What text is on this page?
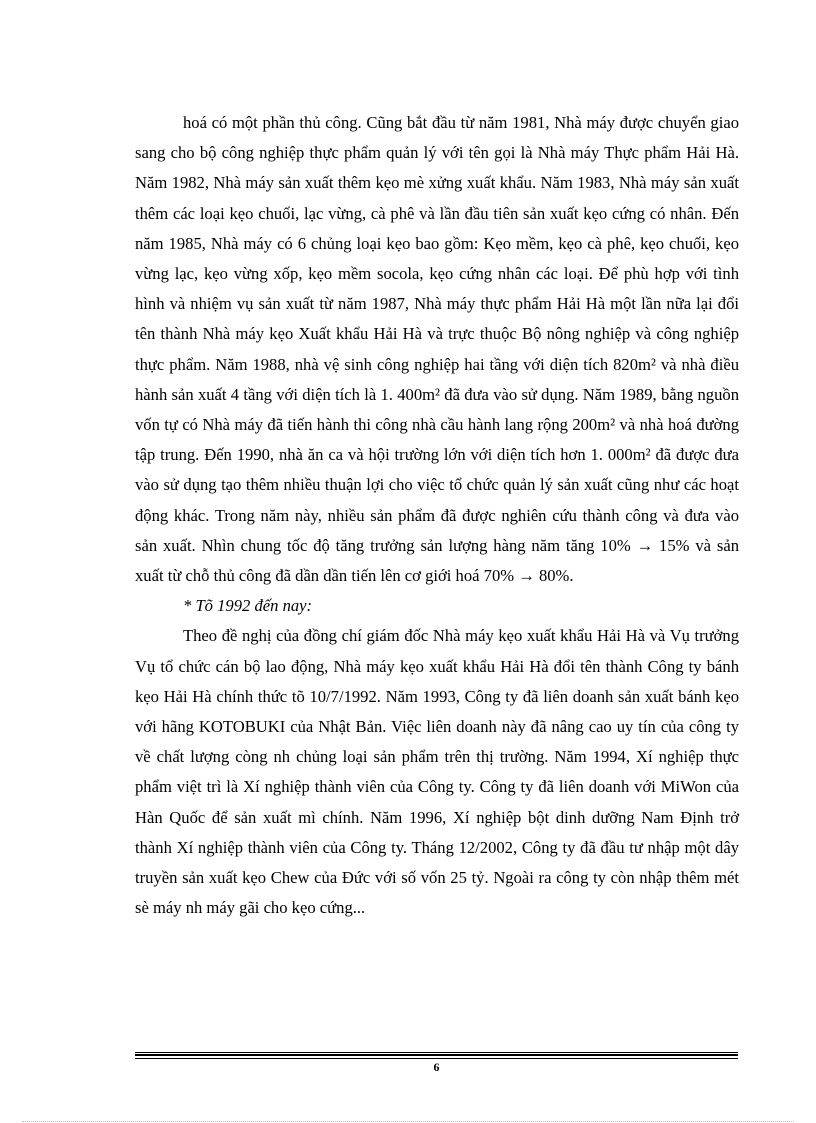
hoá có một phần thủ công. Cũng bắt đầu từ năm 1981, Nhà máy được chuyển giao sang cho bộ công nghiệp thực phẩm quản lý với tên gọi là Nhà máy Thực phẩm Hải Hà. Năm 1982, Nhà máy sản xuất thêm kẹo mè xửng xuất khẩu. Năm 1983, Nhà máy sản xuất thêm các loại kẹo chuối, lạc vừng, cà phê và lần đầu tiên sản xuất kẹo cứng có nhân. Đến năm 1985, Nhà máy có 6 chủng loại kẹo bao gồm: Kẹo mềm, kẹo cà phê, kẹo chuối, kẹo vừng lạc, kẹo vừng xốp, kẹo mềm socola, kẹo cứng nhân các loại. Để phù hợp với tình hình và nhiệm vụ sản xuất từ năm 1987, Nhà máy thực phẩm Hải Hà một lần nữa lại đổi tên thành Nhà máy kẹo Xuất khẩu Hải Hà và trực thuộc Bộ nông nghiệp và công nghiệp thực phẩm. Năm 1988, nhà vệ sinh công nghiệp hai tầng với diện tích 820m² và nhà điều hành sản xuất 4 tầng với diện tích là 1. 400m² đã đưa vào sử dụng. Năm 1989, bằng nguồn vốn tự có Nhà máy đã tiến hành thi công nhà cầu hành lang rộng 200m² và nhà hoá đường tập trung. Đến 1990, nhà ăn ca và hội trường lớn với diện tích hơn 1. 000m² đã được đưa vào sử dụng tạo thêm nhiều thuận lợi cho việc tổ chức quản lý sản xuất cũng như các hoạt động khác. Trong năm này, nhiều sản phẩm đã được nghiên cứu thành công và đưa vào sản xuất. Nhìn chung tốc độ tăng trưởng sản lượng hàng năm tăng 10% → 15% và sản xuất từ chỗ thủ công đã dần dần tiến lên cơ giới hoá 70% → 80%.

* Tõ 1992 đến nay:

Theo đề nghị của đồng chí giám đốc Nhà máy kẹo xuất khẩu Hải Hà và Vụ trưởng Vụ tổ chức cán bộ lao động, Nhà máy kẹo xuất khẩu Hải Hà đổi tên thành Công ty bánh kẹo Hải Hà chính thức tõ 10/7/1992. Năm 1993, Công ty đã liên doanh sản xuất bánh kẹo với hãng KOTOBUKI của Nhật Bản. Việc liên doanh này đã nâng cao uy tín của công ty về chất lượng còng nh chủng loại sản phẩm trên thị trường. Năm 1994, Xí nghiệp thực phẩm việt trì là Xí nghiệp thành viên của Công ty. Công ty đã liên doanh với MiWon của Hàn Quốc để sản xuất mì chính. Năm 1996, Xí nghiệp bột dinh dưỡng Nam Định trở thành Xí nghiệp thành viên của Công ty. Tháng 12/2002, Công ty đã đầu tư nhập một dây truyền sản xuất kẹo Chew của Đức với số vốn 25 tỷ. Ngoài ra công ty còn nhập thêm mét sè máy nh máy gãi cho kẹo cứng...

6
